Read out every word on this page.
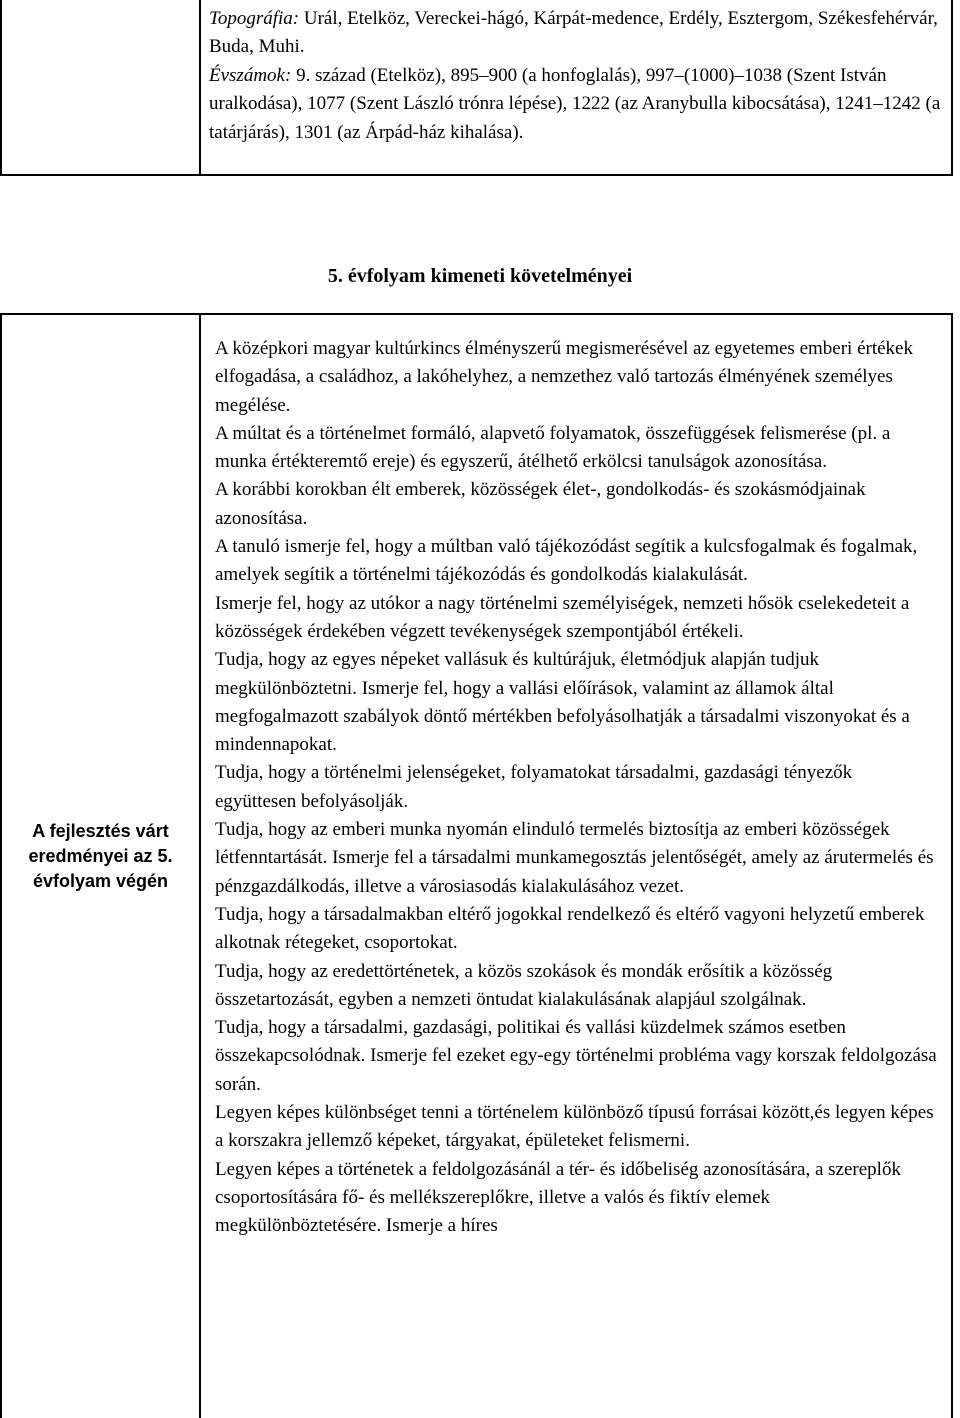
Topográfia: Urál, Etelköz, Vereckei-hágó, Kárpát-medence, Erdély, Esztergom, Székesfehérvár, Buda, Muhi.

Évszámok: 9. század (Etelköz), 895–900 (a honfoglalás), 997–(1000)–1038 (Szent István uralkodása), 1077 (Szent László trónra lépése), 1222 (az Aranybulla kibocsátása), 1241–1242 (a tatárjárás), 1301 (az Árpád-ház kihalása).

5. évfolyam kimeneti követelményei
A fejlesztés várt eredményei az 5. évfolyam végén

A középkori magyar kultúrkincs élményszerű megismerésével az egyetemes emberi értékek elfogadása, a családhoz, a lakóhelyhez, a nemzethez való tartozás élményének személyes megélése.

A múltat és a történelmet formáló, alapvető folyamatok, összefüggések felismerése (pl. a munka értékteremtő ereje) és egyszerű, átélhető erkölcsi tanulságok azonosítása.

A korábbi korokban élt emberek, közösségek élet-, gondolkodás- és szokásmódjainak azonosítása.

A tanuló ismerje fel, hogy a múltban való tájékozódást segítik a kulcsfogalmak és fogalmak, amelyek segítik a történelmi tájékozódás és gondolkodás kialakulását.

Ismerje fel, hogy az utókor a nagy történelmi személyiségek, nemzeti hősök cselekedeteit a közösségek érdekében végzett tevékenységek szempontjából értékeli.

Tudja, hogy az egyes népeket vallásuk és kultúrájuk, életmódjuk alapján tudjuk megkülönböztetni. Ismerje fel, hogy a vallási előírások, valamint az államok által megfogalmazott szabályok döntő mértékben befolyásolhatják a társadalmi viszonyokat és a mindennapokat.

Tudja, hogy a történelmi jelenségeket, folyamatokat társadalmi, gazdasági tényezők együttesen befolyásolják.

Tudja, hogy az emberi munka nyomán elinduló termelés biztosítja az emberi közösségek létfenntartását. Ismerje fel a társadalmi munkamegosztás jelentőségét, amely az árutermelés és pénzgazdálkodás, illetve a városiasodás kialakulásához vezet.

Tudja, hogy a társadalmakban eltérő jogokkal rendelkező és eltérő vagyoni helyzetű emberek alkotnak rétegeket, csoportokat.

Tudja, hogy az eredettörténetek, a közös szokások és mondák erősítik a közösség összetartozását, egyben a nemzeti öntudat kialakulásának alapjául szolgálnak.

Tudja, hogy a társadalmi, gazdasági, politikai és vallási küzdelmek számos esetben összekapcsolódnak. Ismerje fel ezeket egy-egy történelmi probléma vagy korszak feldolgozása során.

Legyen képes különbséget tenni a történelem különböző típusú forrásai között,és legyen képes a korszakra jellemző képeket, tárgyakat, épületeket felismerni.

Legyen képes a történetek a feldolgozásánál a tér- és időbeliség azonosítására, a szereplők csoportosítására fő- és mellékszereplőkre, illetve a valós és fiktív elemek megkülönböztetésére. Ismerje a híres
